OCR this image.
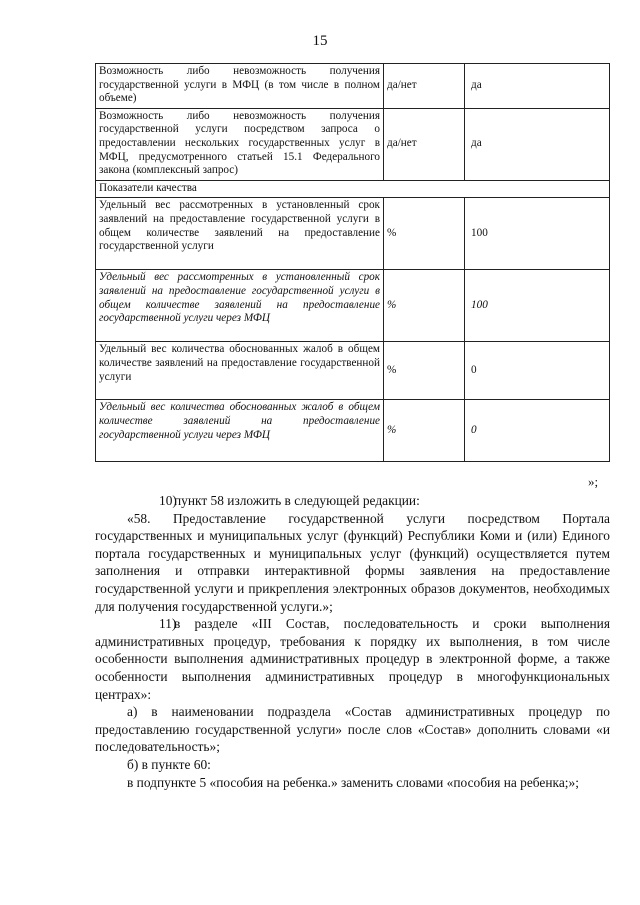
15
Возможность либо невозможность получения государственной услуги в МФЦ (в том числе в полном объеме)	да/нет	да
Возможность либо невозможность получения государственной услуги посредством запроса о предоставлении нескольких государственных услуг в МФЦ, предусмотренного статьей 15.1 Федерального закона (комплексный запрос)	да/нет	да
Показатели качества		
Удельный вес рассмотренных в установленный срок заявлений на предоставление государственной услуги в общем количестве заявлений на предоставление государственной услуги	%	100
Удельный вес рассмотренных в установленный срок заявлений на предоставление государственной услуги в общем количестве заявлений на предоставление государственной услуги через МФЦ	%	100
Удельный вес количества обоснованных жалоб в общем количестве заявлений на предоставление государственной услуги	%	0
Удельный вес количества обоснованных жалоб в общем количестве заявлений на предоставление государственной услуги через МФЦ	%	0
»;

10)пункт 58 изложить в следующей редакции:

«58. Предоставление государственной услуги посредством Портала государственных и муниципальных услуг (функций) Республики Коми и (или) Единого портала государственных и муниципальных услуг (функций) осуществляется путем заполнения и отправки интерактивной формы заявления на предоставление государственной услуги и прикрепления электронных образов документов, необходимых для получения государственной услуги.»;

11)в разделе «III Состав, последовательность и сроки выполнения административных процедур, требования к порядку их выполнения, в том числе особенности выполнения административных процедур в электронной форме, а также особенности выполнения административных процедур в многофункциональных центрах»:

а) в наименовании подраздела «Состав административных процедур по предоставлению государственной услуги» после слов «Состав» дополнить словами «и последовательность»;

б) в пункте 60:

в подпункте 5 «пособия на ребенка.» заменить словами «пособия на ребенка;»;
